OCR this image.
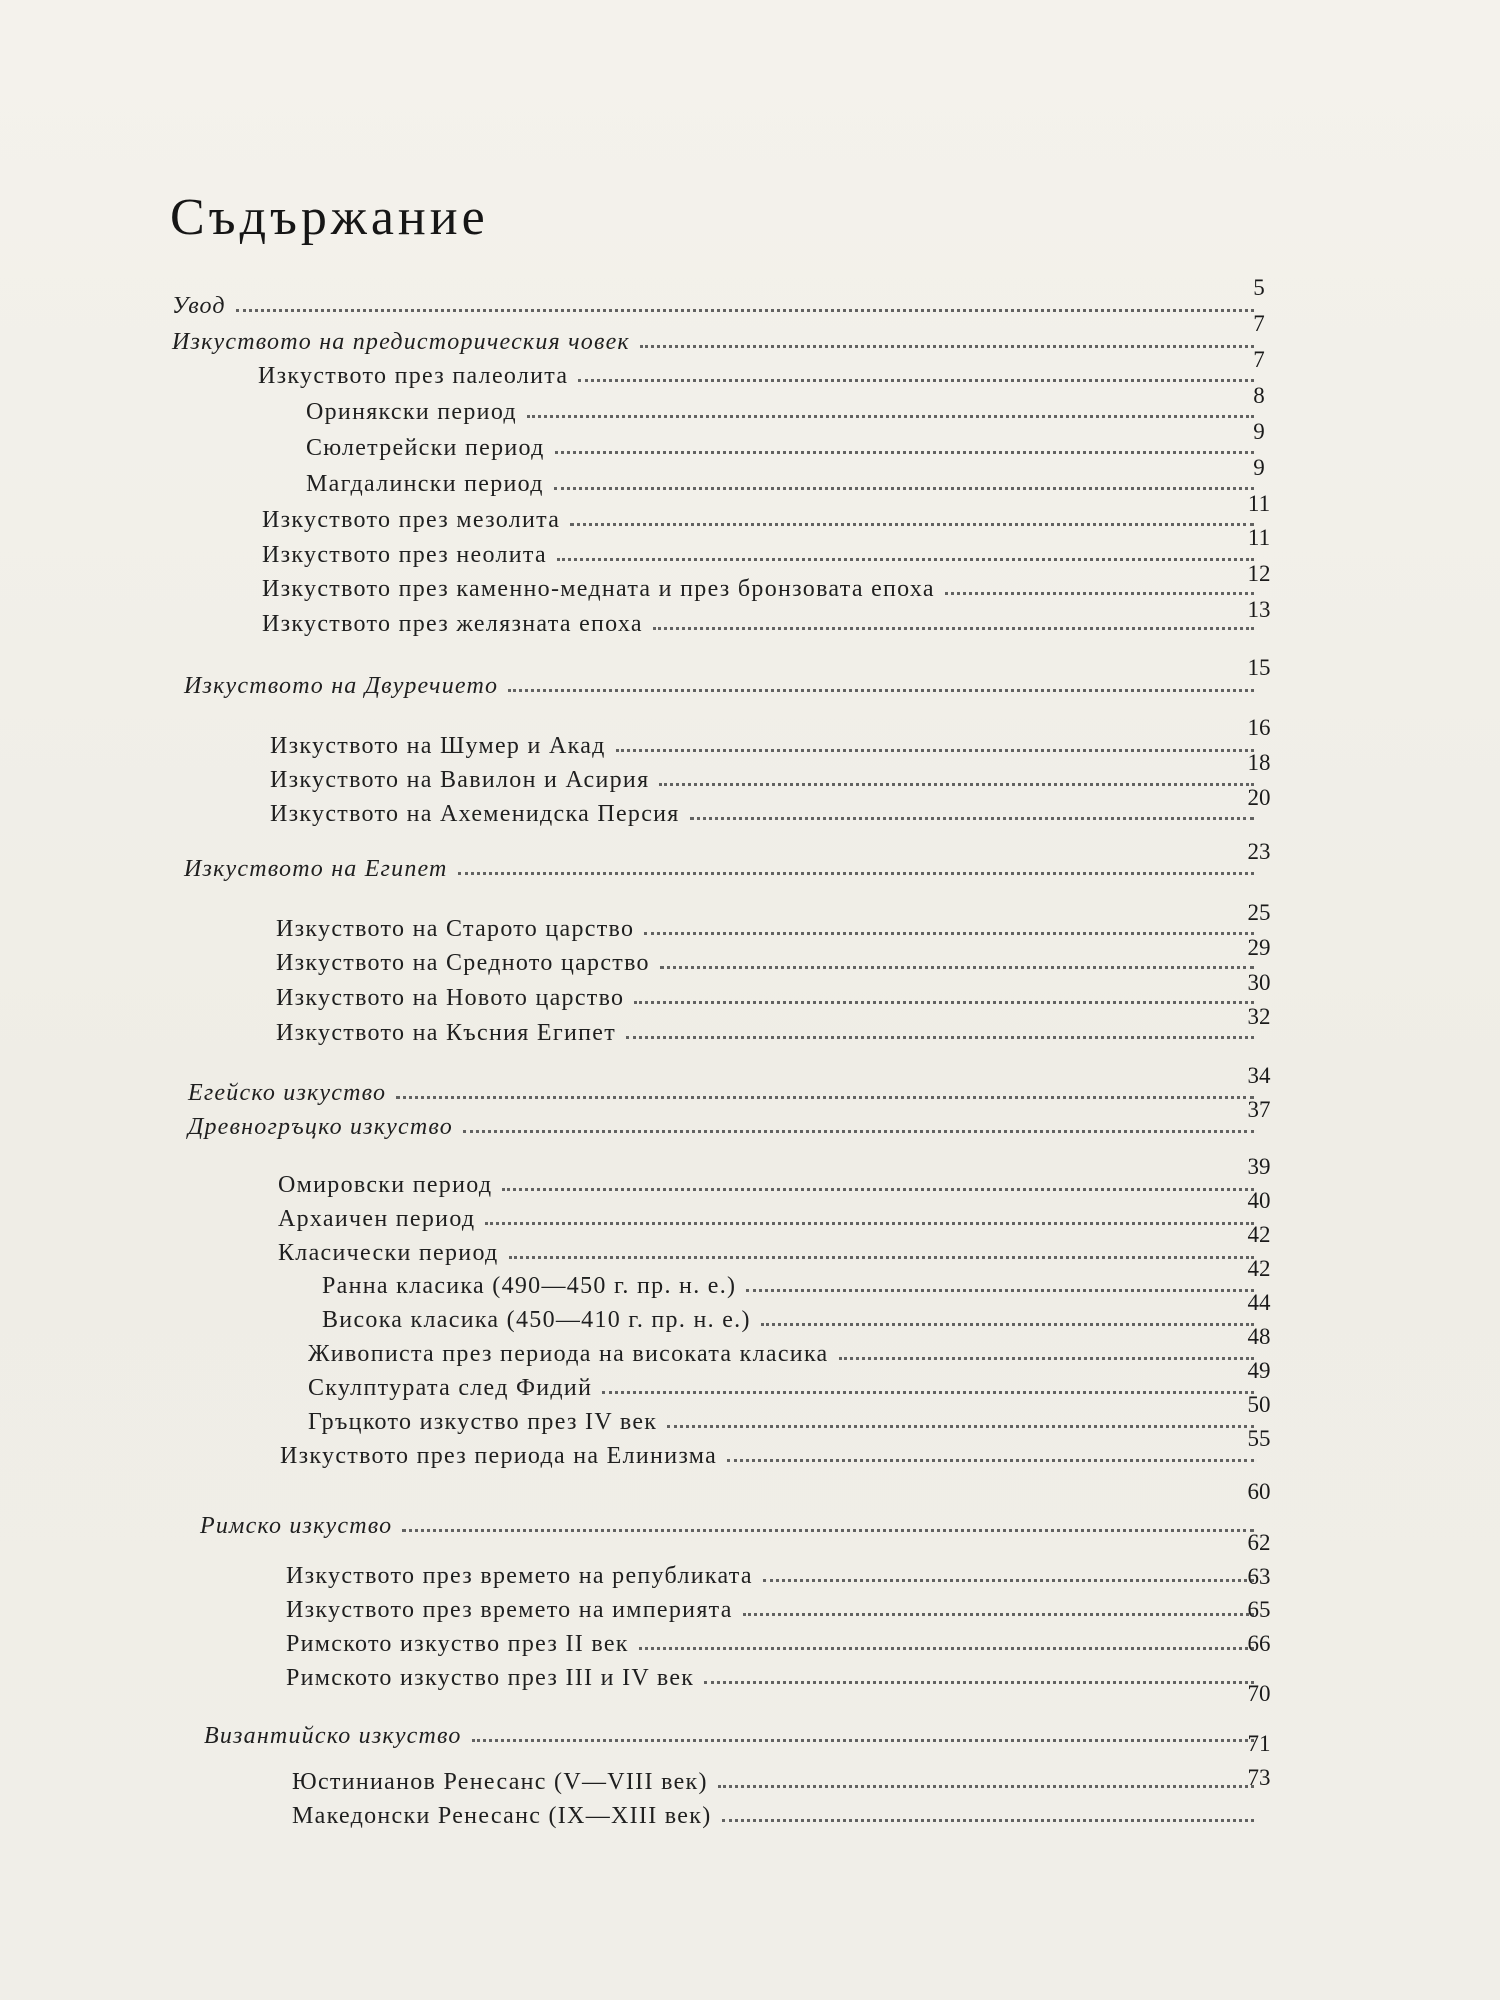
Съдържание
Увод
5
Изкуството на предисторическия човек
7
Изкуството през палеолита
7
Оринякски период
8
Сюлетрейски период
9
Магдалински период
9
Изкуството през мезолита
11
Изкуството през неолита
11
Изкуството през каменно-медната и през бронзовата епоха
12
Изкуството през желязната епоха
13
Изкуството на Двуречието
15
Изкуството на Шумер и Акад
16
Изкуството на Вавилон и Асирия
18
Изкуството на Ахеменидска Персия
20
Изкуството на Египет
23
Изкуството на Старото царство
25
Изкуството на Средното царство
29
Изкуството на Новото царство
30
Изкуството на Късния Египет
32
Егейско изкуство
34
Древногръцко изкуство
37
Омировски период
39
Архаичен период
40
Класически период
42
Ранна класика (490—450 г. пр. н. е.)
42
Висока класика (450—410 г. пр. н. е.)
44
Живописта през периода на високата класика
48
Скулптурата след Фидий
49
Гръцкото изкуство през IV век
50
Изкуството през периода на Елинизма
55
Римско изкуство
60
Изкуството през времето на републиката
62
Изкуството през времето на империята
63
Римското изкуство през II век
65
Римското изкуство през III и IV век
66
Византийско изкуство
70
Юстинианов Ренесанс (V—VIII век)
71
Македонски Ренесанс (IX—XIII век)
73
